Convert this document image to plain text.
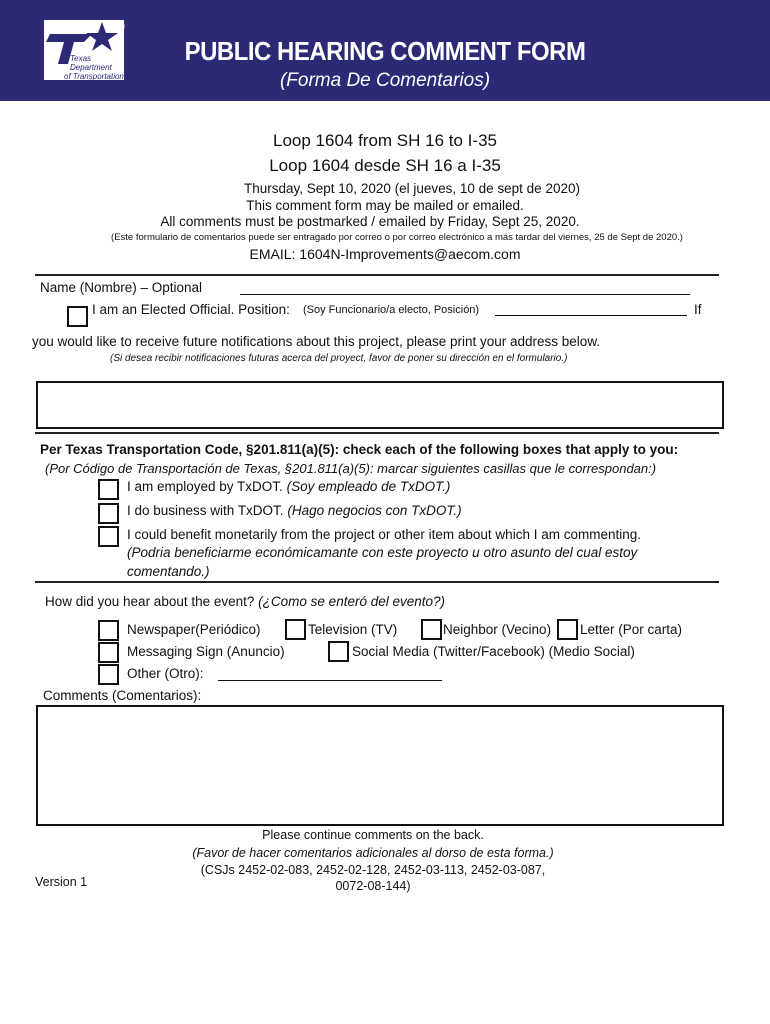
Texas
Department
of Transportation
®
PUBLIC HEARING COMMENT FORM
(Forma De Comentarios)
Loop 1604 from SH 16 to I-35
Loop 1604 desde SH 16 a I-35
Thursday, Sept 10, 2020 (el jueves, 10 de sept de 2020)
This comment form may be mailed or emailed.
All comments must be postmarked / emailed by Friday, Sept 25, 2020.
(Este formulario de comentarios puede ser entragado por correo o por correo electrónico a más tardar del viernes, 25 de Sept de 2020.)
EMAIL: 1604N-Improvements@aecom.com
Name (Nombre) – Optional
I am an Elected Official. Position: (Soy Funcionario/a electo, Posición)	If
you would like to receive future notifications about this project, please print your address below.
(Si desea recibir notificaciones futuras acerca del proyect, favor de poner su dirección en el formulario.)
Per Texas Transportation Code, §201.811(a)(5): check each of the following boxes that apply to you:
(Por Código de Transportación de Texas, §201.811(a)(5): marcar siguientes casillas que le correspondan:)
I am employed by TxDOT. (Soy empleado de TxDOT.)
I do business with TxDOT. (Hago negocios con TxDOT.)
I could benefit monetarily from the project or other item about which I am commenting.
(Podria beneficiarme económicamante con este proyecto u otro asunto del cual estoy
comentando.)
How did you hear about the event? (¿Como se enteró del evento?)
Newspaper(Periódico)	Television (TV)	Neighbor (Vecino) Letter (Por carta)
Messaging Sign (Anuncio)	Social Media (Twitter/Facebook) (Medio Social)
Other (Otro):
Comments (Comentarios):
Please continue comments on the back.
(Favor de hacer comentarios adicionales al dorso de esta forma.)
(CSJs 2452-02-083, 2452-02-128, 2452-03-113, 2452-03-087,
0072-08-144)
Version 1
